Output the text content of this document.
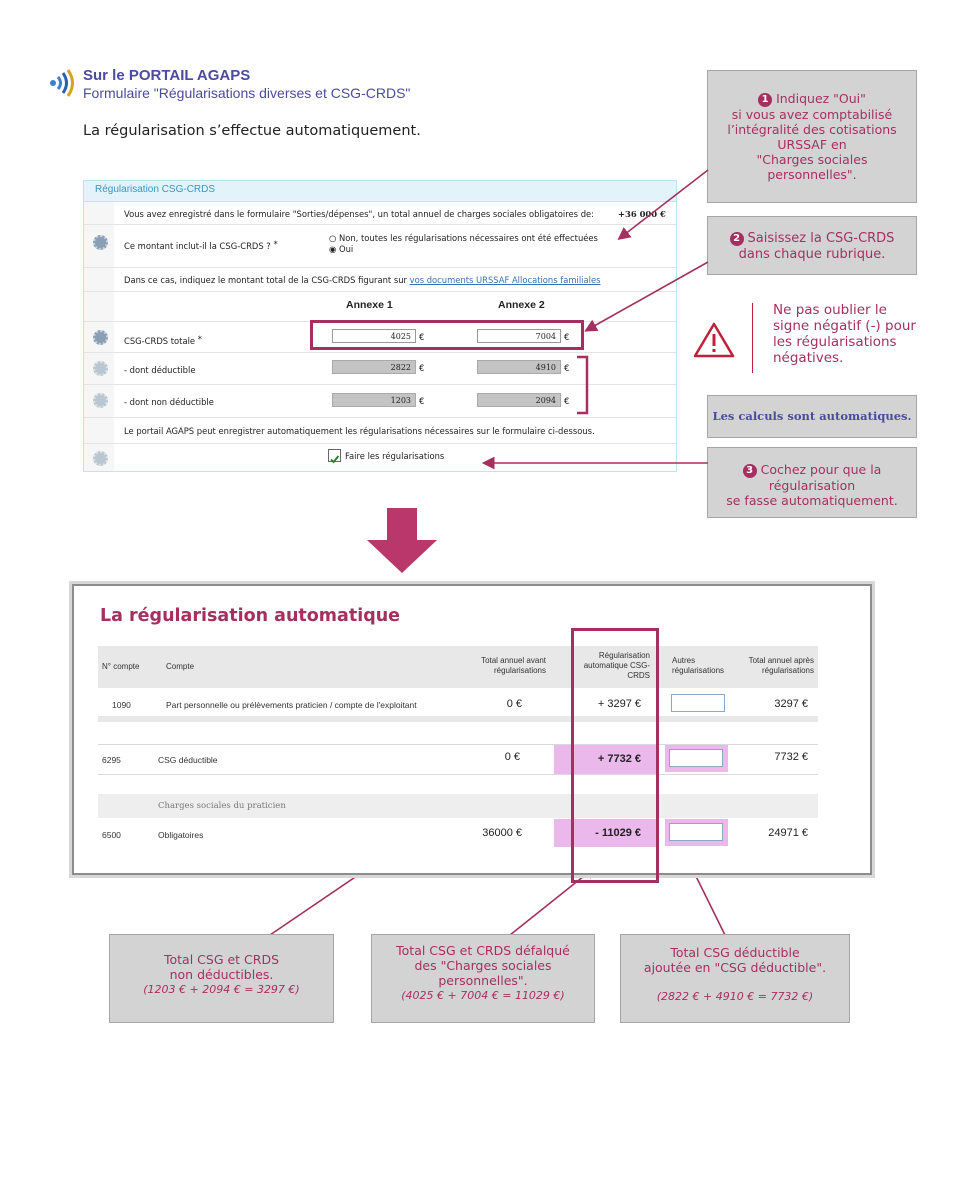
Sur le PORTAIL AGAPS
Formulaire "Régularisations diverses et CSG-CRDS"
La régularisation s’effectue automatiquement.
Régularisation CSG-CRDS
Vous avez enregistré dans le formulaire "Sorties/dépenses", un total annuel de charges sociales obligatoires de:	+36 000 €
Ce montant inclut-il la CSG-CRDS ? *
○ Non, toutes les régularisations nécessaires ont été effectuées
◉ Oui
Dans ce cas, indiquez le montant total de la CSG-CRDS figurant sur vos documents URSSAF Allocations familiales
Annexe 1	Annexe 2
CSG-CRDS totale *	4025 €	7004 €
- dont déductible	2822 €	4910 €
- dont non déductible	1203 €	2094 €
Le portail AGAPS peut enregistrer automatiquement les régularisations nécessaires sur le formulaire ci-dessous.
Faire les régularisations
1 Indiquez "Oui"
si vous avez comptabilisé
l’intégralité des cotisations
URSSAF en
"Charges sociales
personnelles".
2 Saisissez la CSG-CRDS
dans chaque rubrique.
Ne pas oublier le
signe négatif (-) pour
les régularisations
négatives.
Les calculs sont automatiques.
3 Cochez pour que la
régularisation
se fasse automatiquement.
La régularisation automatique
N° compte	Compte
Total annuel avant
régularisations
Régularisation
automatique CSG-
CRDS
Autres
régularisations
Total annuel après
régularisations
1090	Part personnelle ou prélèvements praticien / compte de l'exploitant	0 €	+ 3297 €	3297 €
6295	CSG déductible	0 €	+ 7732 €	7732 €
Charges sociales du praticien
6500	Obligatoires	36000 €	- 11029 €	24971 €
Total CSG et CRDS
non déductibles.
(1203 € + 2094 € = 3297 €)
Total CSG et CRDS défalqué
des "Charges sociales
personnelles".
(4025 € + 7004 € = 11029 €)
Total CSG déductible
ajoutée en "CSG déductible".
(2822 € + 4910 € = 7732 €)
